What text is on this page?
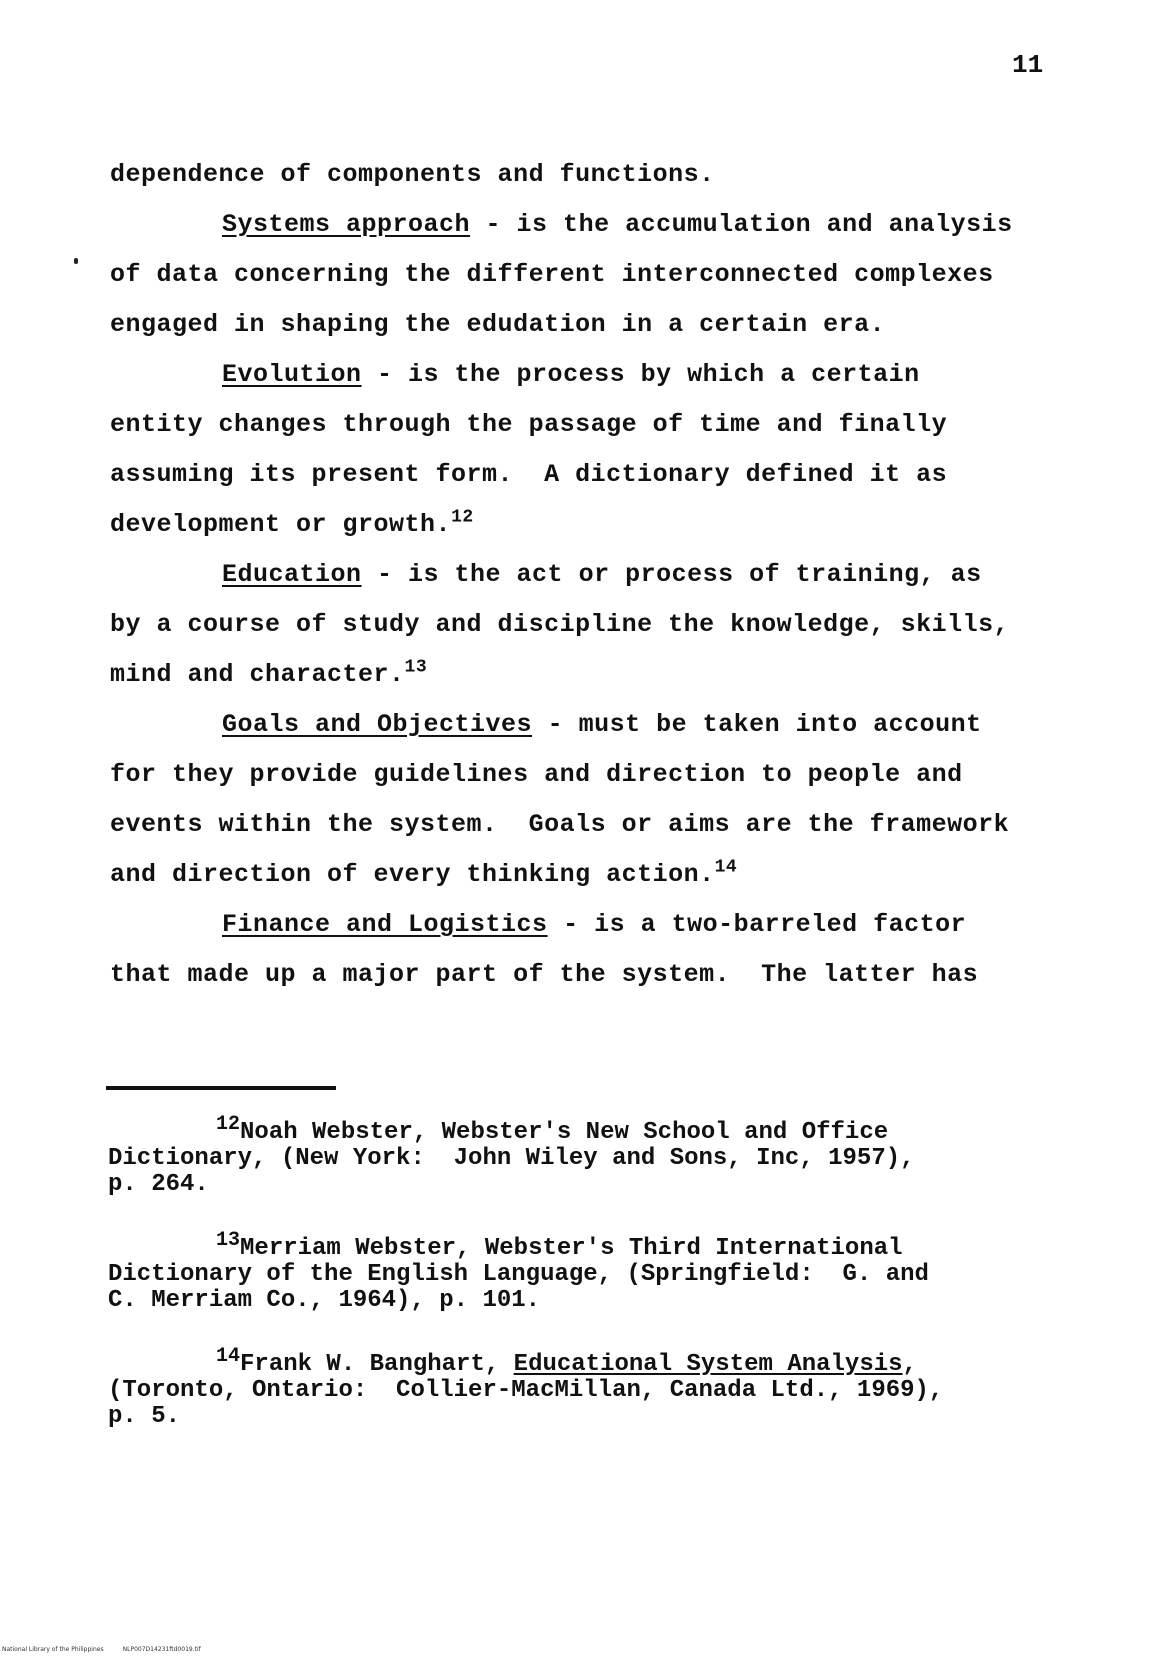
11
dependence of components and functions.
Systems approach - is the accumulation and analysis
of data concerning the different interconnected complexes
engaged in shaping the edudation in a certain era.
Evolution - is the process by which a certain
entity changes through the passage of time and finally
assuming its present form.  A dictionary defined it as
development or growth.$^{12}$
Education - is the act or process of training, as
by a course of study and discipline the knowledge, skills,
mind and character.$^{13}$
Goals and Objectives - must be taken into account
for they provide guidelines and direction to people and
events within the system.  Goals or aims are the framework
and direction of every thinking action.$^{14}$
Finance and Logistics - is a two-barreled factor
that made up a major part of the system.  The latter has
$^{12}$Noah Webster, Webster's New School and Office
Dictionary, (New York:  John Wiley and Sons, Inc, 1957),
p. 264.
$^{13}$Merriam Webster, Webster's Third International
Dictionary of the English Language, (Springfield:  G. and
C. Merriam Co., 1964), p. 101.
$^{14}$Frank W. Banghart, Educational System Analysis,
(Toronto, Ontario:  Collier-MacMillan, Canada Ltd., 1969),
p. 5.
National Library of the Philippines	NLP007D14231ftd0019.tif
